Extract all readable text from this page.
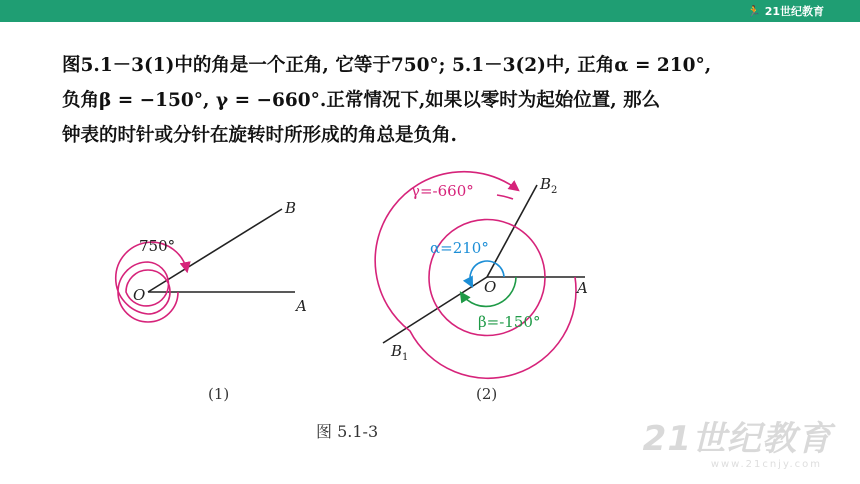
🏃 21世纪教育
图5.1－3(1)中的角是一个正角, 它等于750°; 5.1－3(2)中, 正角α = 210°,
负角β = −150°, γ = −660°.正常情况下,如果以零时为起始位置, 那么
钟表的时针或分针在旋转时所形成的角总是负角.
750°
O
B
A
(1)
γ=-660°
α=210°
β=-150°
O	A
$B_2$
$B_1$
(2)
图 5.1-3	21世纪教育
www.21cnjy.com
